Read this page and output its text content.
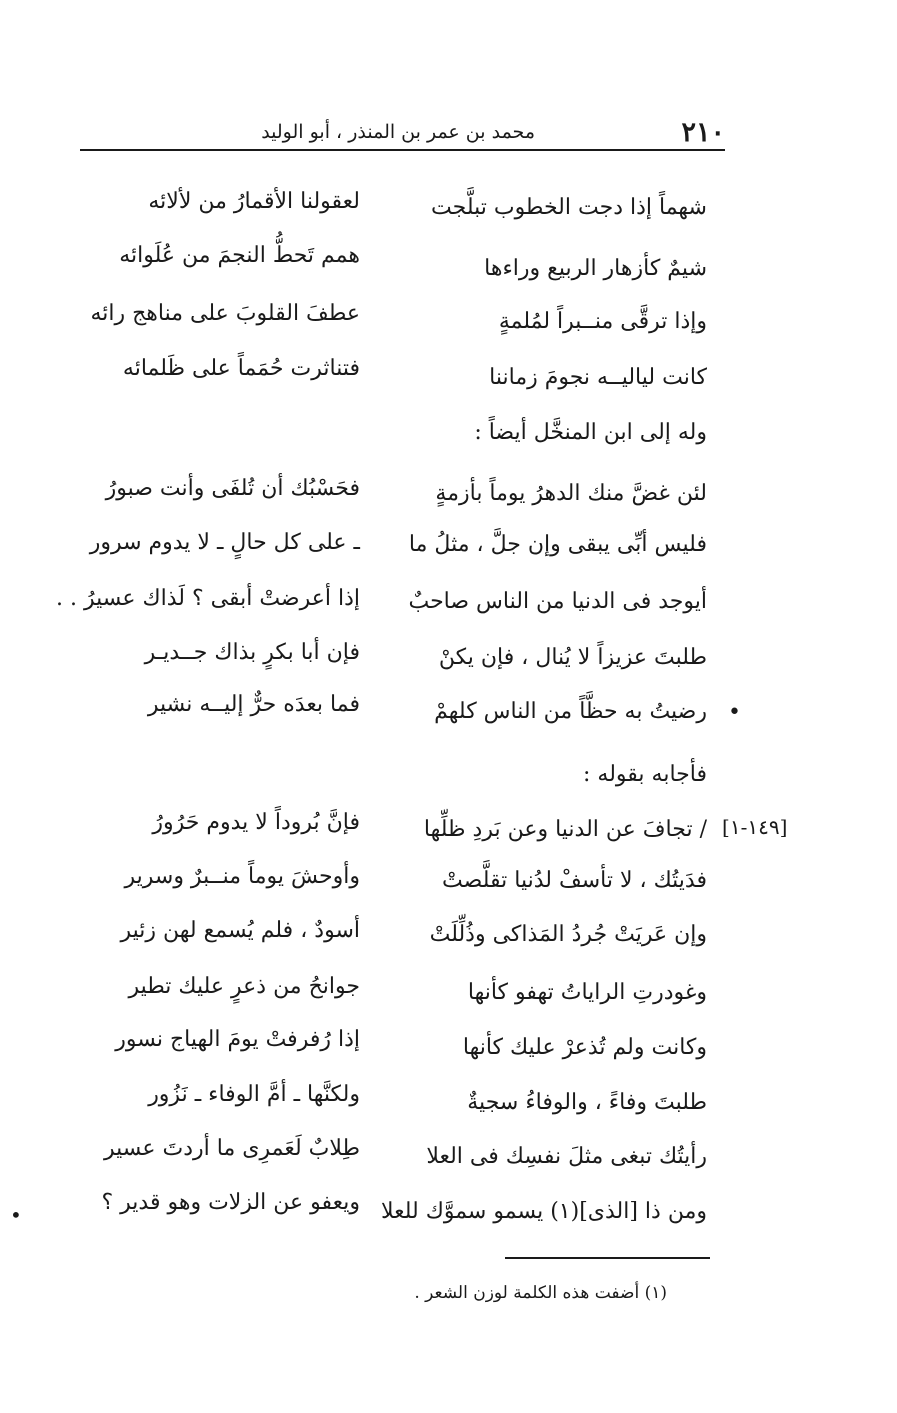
٢١٠
محمد بن عمر بن المنذر ، أبو الوليد
شهماً إذا دجت الخطوب تبلَّجت
لعقولنا الأقمارُ من لألائه
شيمٌ كأزهار الربيع وراءها
همم تَحطُّ النجمَ من عُلَوائه
وإذا ترقَّى منــبراً لمُلمةٍ
عطفَ القلوبَ على مناهج رائه
كانت لياليــه نجومَ زماننا
فتناثرت حُمَماً على ظَلمائه
وله إلى ابن المنخَّل أيضاً :
لئن غضَّ منك الدهرُ يوماً بأزمةٍ
فحَسْبُك أن تُلفَى وأنت صبورُ
فليس أبِّى يبقى وإن جلَّ ، مثلُ ما
ـ على كل حالٍ ـ لا يدوم سرور
أيوجد فى الدنيا من الناس صاحبٌ
إذا أعرضتْ أبقى ؟ لَذاك عسيرُ . .
طلبتَ عزيزاً لا يُنال ، فإن يكنْ
فإن أبا بكرٍ بذاك جــديـر
رضيتُ به حظَّاً من الناس كلهمْ
فما بعدَه حرٌّ إليــه نشير	•
فأجابه بقوله :
[١٤٩-١]
/ تجافَ عن الدنيا وعن بَردِ ظلِّها
فإنَّ بُروداً لا يدوم حَرُورُ
فدَيتُك ، لا تأسفْ لدُنيا تقلَّصتْ
وأوحشَ يوماً منــبرٌ وسرير
وإن عَريَتْ جُردُ المَذاكى وذُلِّلَتْ
أسودٌ ، فلم يُسمع لهن زئير
وغودرتِ الراياتُ تهفو كأنها
جوانحُ من ذعرٍ عليك تطير
وكانت ولم تُذعرْ عليك كأنها
إذا رُفرفتْ يومَ الهياج نسور
طلبتَ وفاءً ، والوفاءُ سجيةٌ
ولكنَّها ـ أمَّ الوفاء ـ نَزُور
رأيتُك تبغى مثلَ نفسِك فى العلا
طِلابٌ لَعَمرِى ما أردتَ عسير
ومن ذا [الذى](١) يسمو سموَّك للعلا
ويعفو عن الزلات وهو قدير ؟
•
(١) أضفت هذه الكلمة لوزن الشعر .
